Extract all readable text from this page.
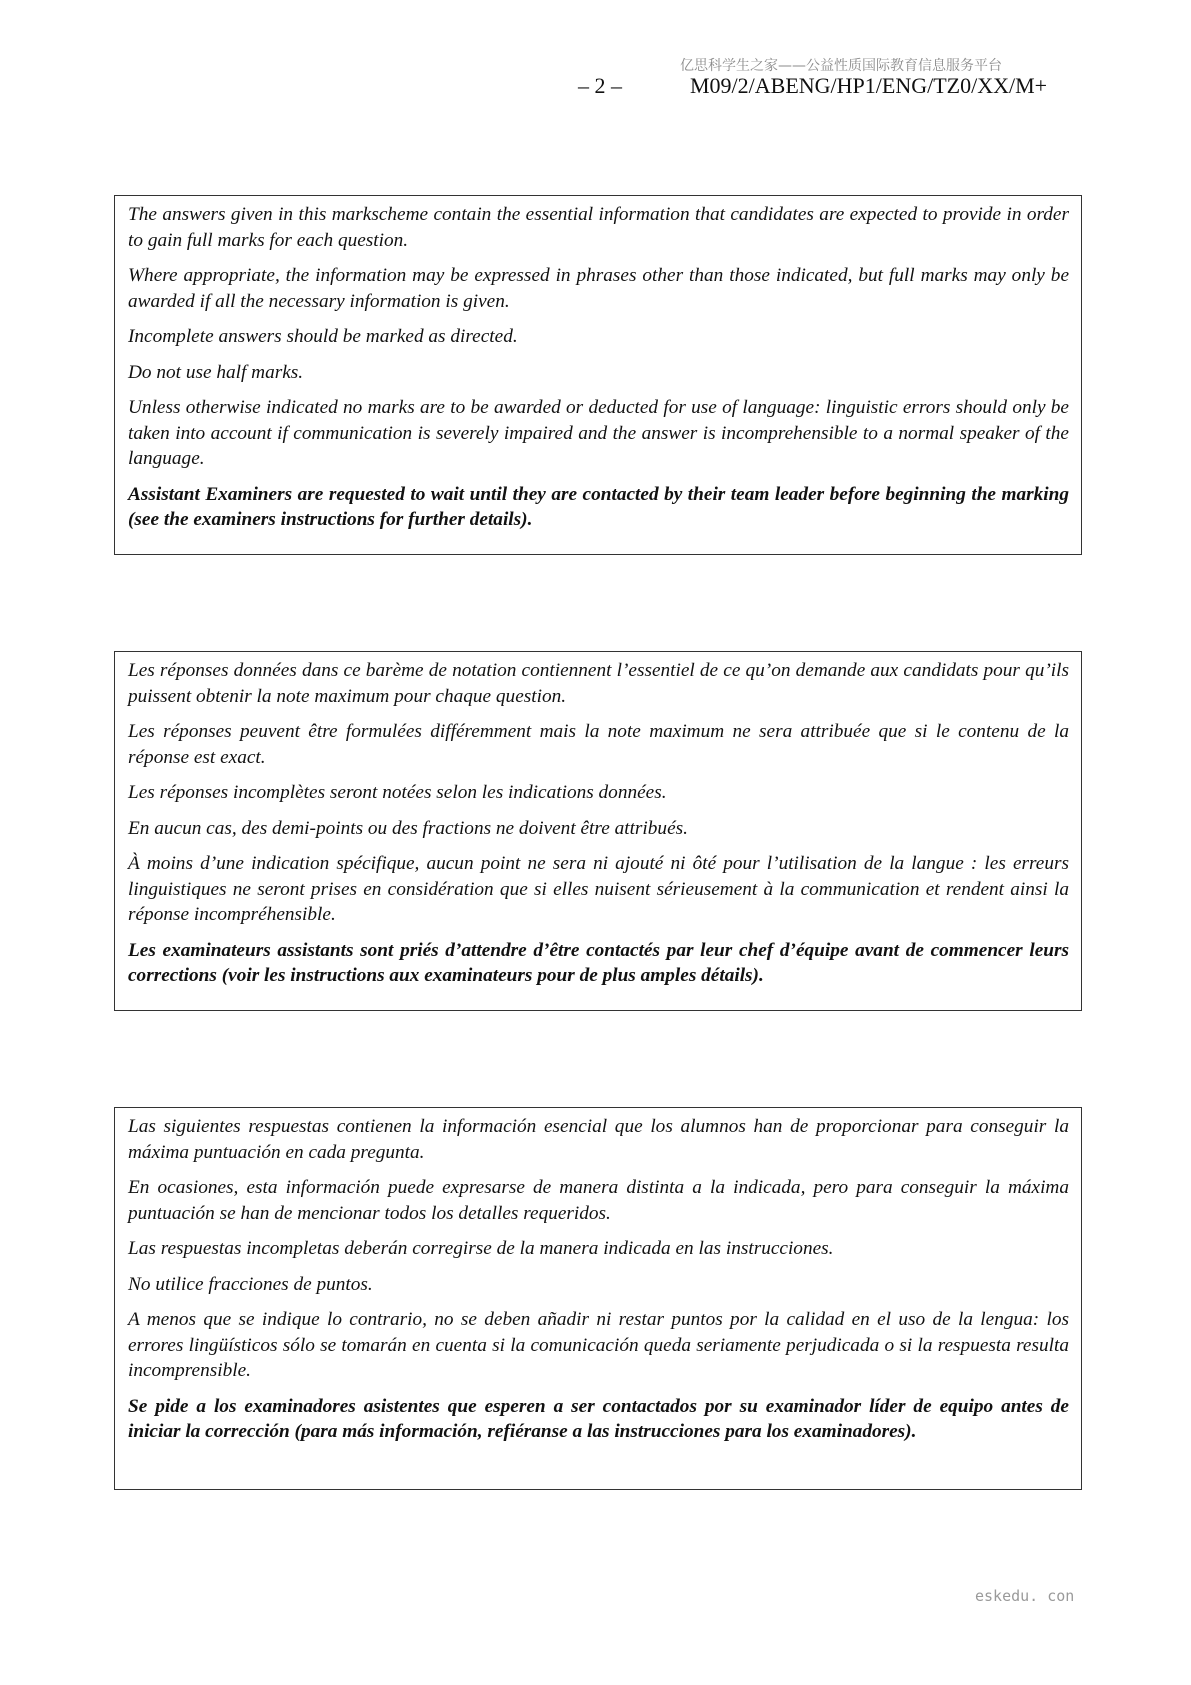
亿思科学生之家——公益性质国际教育信息服务平台
– 2 –	M09/2/ABENG/HP1/ENG/TZ0/XX/M+

The answers given in this markscheme contain the essential information that candidates are expected to provide in order to gain full marks for each question.

Where appropriate, the information may be expressed in phrases other than those indicated, but full marks may only be awarded if all the necessary information is given.

Incomplete answers should be marked as directed.

Do not use half marks.

Unless otherwise indicated no marks are to be awarded or deducted for use of language: linguistic errors should only be taken into account if communication is severely impaired and the answer is incomprehensible to a normal speaker of the language.

Assistant Examiners are requested to wait until they are contacted by their team leader before beginning the marking (see the examiners instructions for further details).

Les réponses données dans ce barème de notation contiennent l’essentiel de ce qu’on demande aux candidats pour qu’ils puissent obtenir la note maximum pour chaque question.

Les réponses peuvent être formulées différemment mais la note maximum ne sera attribuée que si le contenu de la réponse est exact.

Les réponses incomplètes seront notées selon les indications données.

En aucun cas, des demi-points ou des fractions ne doivent être attribués.

À moins d’une indication spécifique, aucun point ne sera ni ajouté ni ôté pour l’utilisation de la langue : les erreurs linguistiques ne seront prises en considération que si elles nuisent sérieusement à la communication et rendent ainsi la réponse incompréhensible.

Les examinateurs assistants sont priés d’attendre d’être contactés par leur chef d’équipe avant de commencer leurs corrections (voir les instructions aux examinateurs pour de plus amples détails).

Las siguientes respuestas contienen la información esencial que los alumnos han de proporcionar para conseguir la máxima puntuación en cada pregunta.

En ocasiones, esta información puede expresarse de manera distinta a la indicada, pero para conseguir la máxima puntuación se han de mencionar todos los detalles requeridos.

Las respuestas incompletas deberán corregirse de la manera indicada en las instrucciones.

No utilice fracciones de puntos.

A menos que se indique lo contrario, no se deben añadir ni restar puntos por la calidad en el uso de la lengua: los errores lingüísticos sólo se tomarán en cuenta si la comunicación queda seriamente perjudicada o si la respuesta resulta incomprensible.

Se pide a los examinadores asistentes que esperen a ser contactados por su examinador líder de equipo antes de iniciar la corrección (para más información, refiéranse a las instrucciones para los examinadores).

eskedu. con
